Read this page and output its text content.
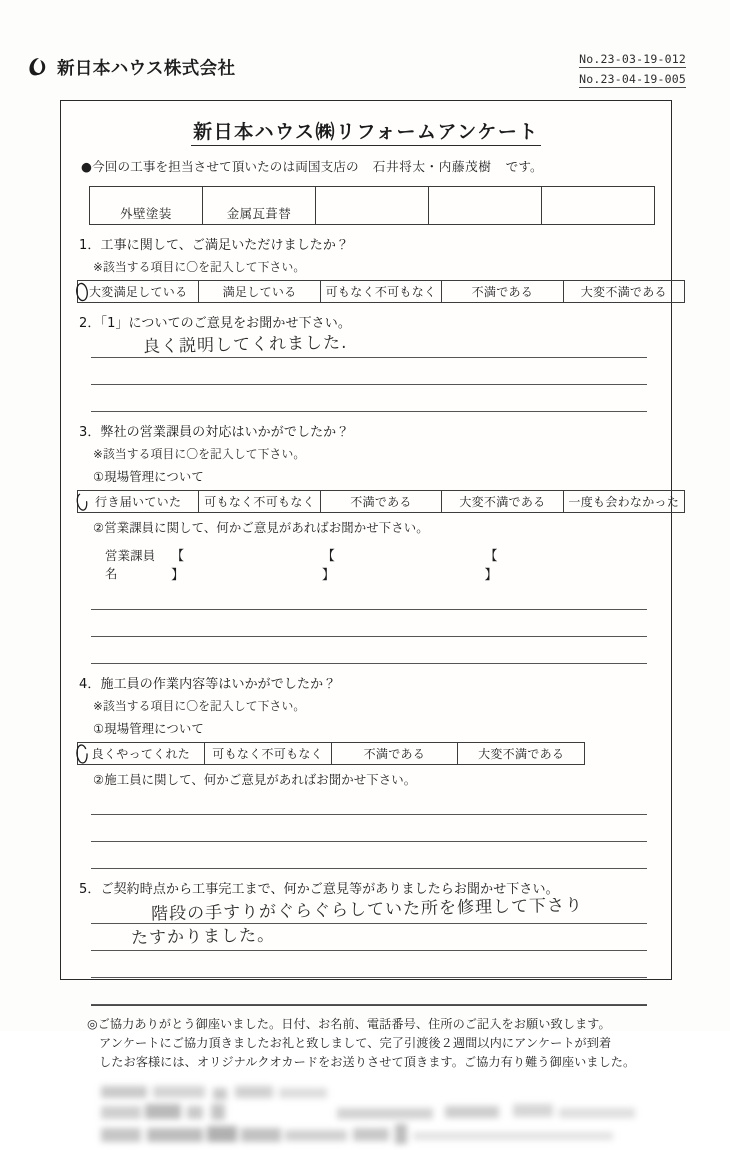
新日本ハウス株式会社	No.23-03-19-012
No.23-04-19-005
新日本ハウス㈱リフォームアンケート
●今回の工事を担当させて頂いたのは両国支店の 石井将太・内藤茂樹 です。
外壁塗装	金属瓦葺替			
1．工事に関して、ご満足いただけましたか？
※該当する項目に〇を記入して下さい。
大変満足している	満足している	可もなく不可もなく	不満である	大変不満である
2．「1」についてのご意見をお聞かせ下さい。
良く説明してくれました.
3．弊社の営業課員の対応はいかがでしたか？
※該当する項目に〇を記入して下さい。
①現場管理について
行き届いていた	可もなく不可もなく	不満である	大変不満である	一度も会わなかった
②営業課員に関して、何かご意見があればお聞かせ下さい。
営業課員名
【  】
【  】
【  】
4．施工員の作業内容等はいかがでしたか？
※該当する項目に〇を記入して下さい。
①現場管理について
良くやってくれた	可もなく不可もなく	不満である	大変不満である
②施工員に関して、何かご意見があればお聞かせ下さい。
5．ご契約時点から工事完工まで、何かご意見等がありましたらお聞かせ下さい。
階段の手すりがぐらぐらしていた所を修理して下さり
たすかりました。

◎ご協力ありがとう御座いました。日付、お名前、電話番号、住所のご記入をお願い致します。

アンケートにご協力頂きましたお礼と致しまして、完了引渡後２週間以内にアンケートが到着

したお客様には、オリジナルクオカードをお送りさせて頂きます。ご協力有り難う御座いました。
